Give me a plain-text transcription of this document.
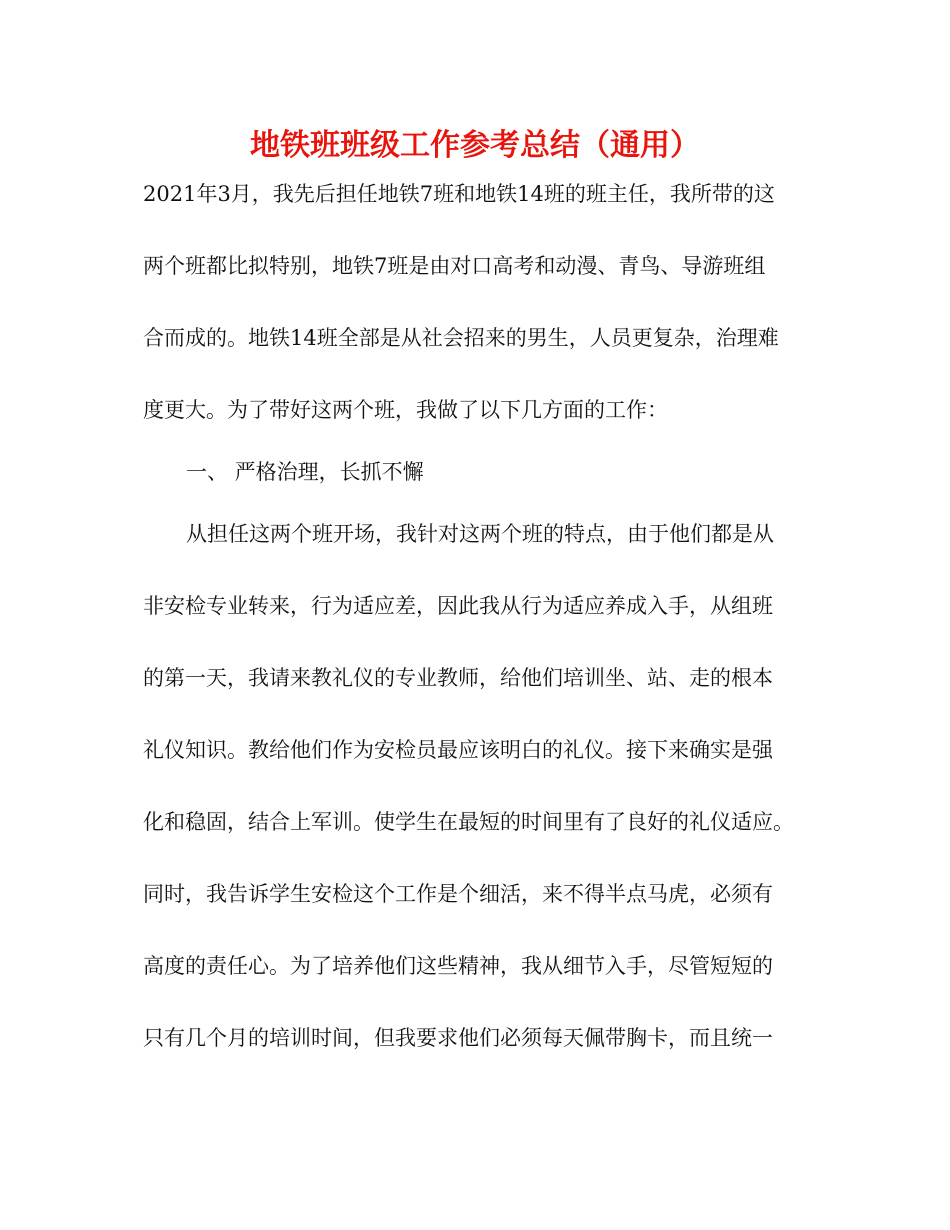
地铁班班级工作参考总结（通用）
2021年3月，我先后担任地铁7班和地铁14班的班主任，我所带的这
两个班都比拟特别，地铁7班是由对口高考和动漫、青鸟、导游班组
合而成的。地铁14班全部是从社会招来的男生，人员更复杂，治理难
度更大。为了带好这两个班，我做了以下几方面的工作：
一、 严格治理，长抓不懈
从担任这两个班开场，我针对这两个班的特点，由于他们都是从
非安检专业转来，行为适应差，因此我从行为适应养成入手，从组班
的第一天，我请来教礼仪的专业教师，给他们培训坐、站、走的根本
礼仪知识。教给他们作为安检员最应该明白的礼仪。接下来确实是强
化和稳固，结合上军训。使学生在最短的时间里有了良好的礼仪适应。
同时，我告诉学生安检这个工作是个细活，来不得半点马虎，必须有
高度的责任心。为了培养他们这些精神，我从细节入手，尽管短短的
只有几个月的培训时间，但我要求他们必须每天佩带胸卡，而且统一
